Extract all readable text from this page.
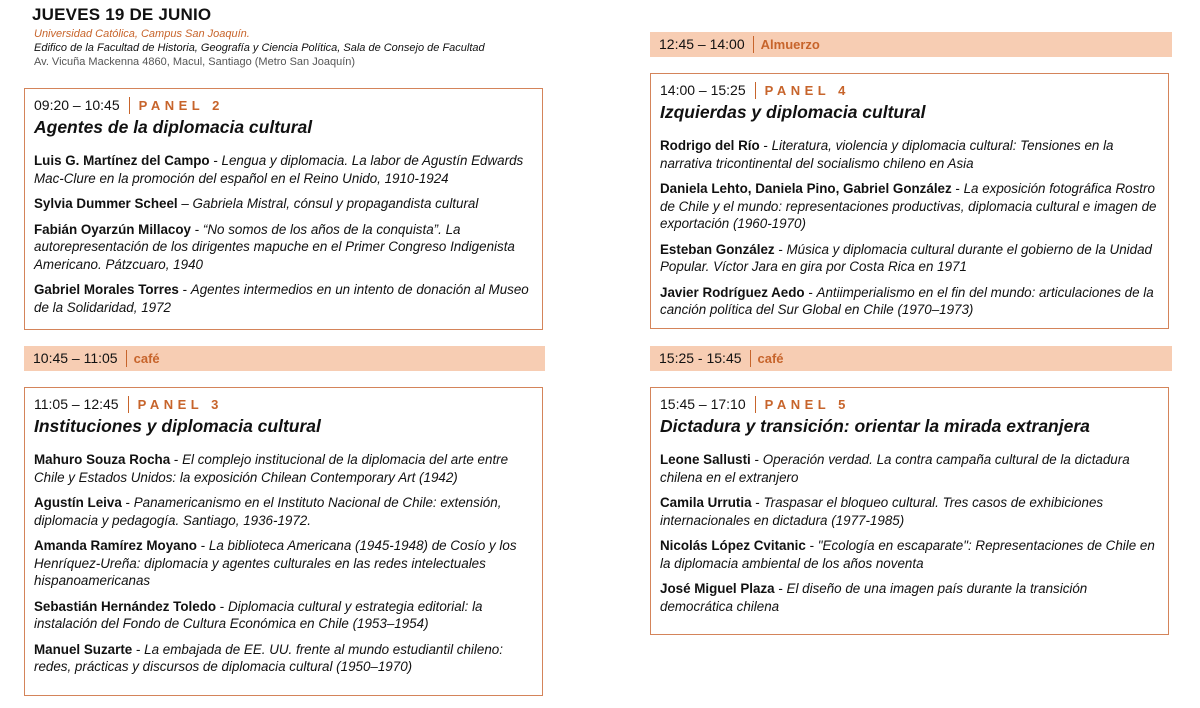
JUEVES 19 DE JUNIO
Universidad Católica, Campus San Joaquín.
Edifico de la Facultad de Historia, Geografía y Ciencia Política, Sala de Consejo de Facultad
Av. Vicuña Mackenna 4860, Macul, Santiago (Metro San Joaquín)
09:20 – 10:45	PANEL 2
Agentes de la diplomacia cultural
Luis G. Martínez del Campo - Lengua y diplomacia. La labor de Agustín Edwards Mac-Clure en la promoción del español en el Reino Unido, 1910-1924
Sylvia Dummer Scheel – Gabriela Mistral, cónsul y propagandista cultural
Fabián Oyarzún Millacoy - “No somos de los años de la conquista”. La autorepresentación de los dirigentes mapuche en el Primer Congreso Indigenista Americano. Pátzcuaro, 1940
Gabriel Morales Torres - Agentes intermedios en un intento de donación al Museo de la Solidaridad, 1972
10:45 – 11:05	café
11:05 – 12:45	PANEL 3
Instituciones y diplomacia cultural
Mahuro Souza Rocha - El complejo institucional de la diplomacia del arte entre Chile y Estados Unidos: la exposición Chilean Contemporary Art (1942)
Agustín Leiva - Panamericanismo en el Instituto Nacional de Chile: extensión, diplomacia y pedagogía. Santiago, 1936-1972.
Amanda Ramírez Moyano - La biblioteca Americana (1945-1948) de Cosío y los Henríquez-Ureña: diplomacia y agentes culturales en las redes intelectuales hispanoamericanas
Sebastián Hernández Toledo - Diplomacia cultural y estrategia editorial: la instalación del Fondo de Cultura Económica en Chile (1953–1954)
Manuel Suzarte - La embajada de EE. UU. frente al mundo estudiantil chileno: redes, prácticas y discursos de diplomacia cultural (1950–1970)
12:45 – 14:00	Almuerzo
14:00 – 15:25	PANEL 4
Izquierdas y diplomacia cultural
Rodrigo del Río - Literatura, violencia y diplomacia cultural: Tensiones en la narrativa tricontinental del socialismo chileno en Asia
Daniela Lehto, Daniela Pino, Gabriel González - La exposición fotográfica Rostro de Chile y el mundo: representaciones productivas, diplomacia cultural e imagen de exportación (1960-1970)
Esteban González - Música y diplomacia cultural durante el gobierno de la Unidad Popular. Víctor Jara en gira por Costa Rica en 1971
Javier Rodríguez Aedo - Antiimperialismo en el fin del mundo: articulaciones de la canción política del Sur Global en Chile (1970–1973)
15:25 - 15:45	café
15:45 – 17:10	PANEL 5
Dictadura y transición: orientar la mirada extranjera
Leone Sallusti - Operación verdad. La contra campaña cultural de la dictadura chilena en el extranjero
Camila Urrutia - Traspasar el bloqueo cultural. Tres casos de exhibiciones internacionales en dictadura (1977-1985)
Nicolás López Cvitanic - "Ecología en escaparate": Representaciones de Chile en la diplomacia ambiental de los años noventa
José Miguel Plaza - El diseño de una imagen país durante la transición democrática chilena
